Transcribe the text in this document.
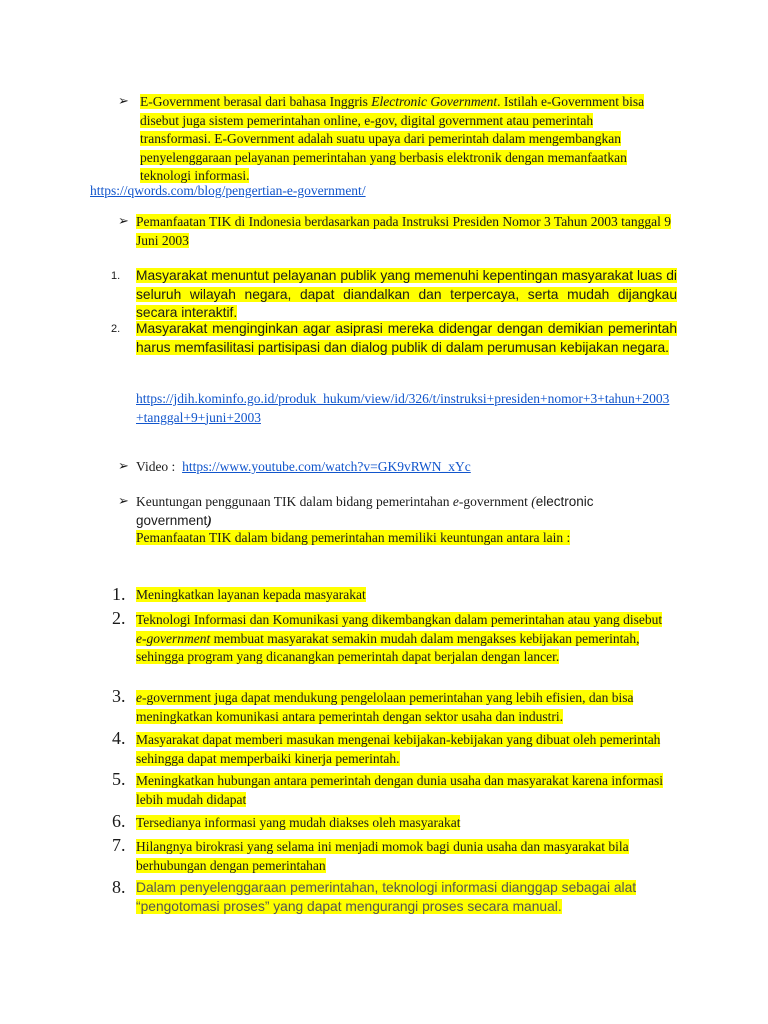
➢ E-Government berasal dari bahasa Inggris Electronic Government. Istilah e-Government bisa disebut juga sistem pemerintahan online, e-gov, digital government atau pemerintah transformasi. E-Government adalah suatu upaya dari pemerintah dalam mengembangkan penyelenggaraan pelayanan pemerintahan yang berbasis elektronik dengan memanfaatkan teknologi informasi.
https://qwords.com/blog/pengertian-e-government/
➢ Pemanfaatan TIK di Indonesia berdasarkan pada Instruksi Presiden Nomor 3 Tahun 2003 tanggal 9 Juni 2003
1. Masyarakat menuntut pelayanan publik yang memenuhi kepentingan masyarakat luas di seluruh wilayah negara, dapat diandalkan dan terpercaya, serta mudah dijangkau secara interaktif.
2. Masyarakat menginginkan agar asiprasi mereka didengar dengan demikian pemerintah harus memfasilitasi partisipasi dan dialog publik di dalam perumusan kebijakan negara.
https://jdih.kominfo.go.id/produk_hukum/view/id/326/t/instruksi+presiden+nomor+3+tahun+2003+tanggal+9+juni+2003
➢ Video :  https://www.youtube.com/watch?v=GK9vRWN_xYc
➢ Keuntungan penggunaan TIK dalam bidang pemerintahan e-government (electronic government)
Pemanfaatan TIK dalam bidang pemerintahan memiliki keuntungan antara lain :
1. Meningkatkan layanan kepada masyarakat
2. Teknologi Informasi dan Komunikasi yang dikembangkan dalam pemerintahan atau yang disebut e-government membuat masyarakat semakin mudah dalam mengakses kebijakan pemerintah, sehingga program yang dicanangkan pemerintah dapat berjalan dengan lancer.
3. e-government juga dapat mendukung pengelolaan pemerintahan yang lebih efisien, dan bisa meningkatkan komunikasi antara pemerintah dengan sektor usaha dan industri.
4. Masyarakat dapat memberi masukan mengenai kebijakan-kebijakan yang dibuat oleh pemerintah sehingga dapat memperbaiki kinerja pemerintah.
5. Meningkatkan hubungan antara pemerintah dengan dunia usaha dan masyarakat karena informasi lebih mudah didapat
6. Tersedianya informasi yang mudah diakses oleh masyarakat
7. Hilangnya birokrasi yang selama ini menjadi momok bagi dunia usaha dan masyarakat bila berhubungan dengan pemerintahan
8. Dalam penyelenggaraan pemerintahan, teknologi informasi dianggap sebagai alat “pengotomasi proses” yang dapat mengurangi proses secara manual.
